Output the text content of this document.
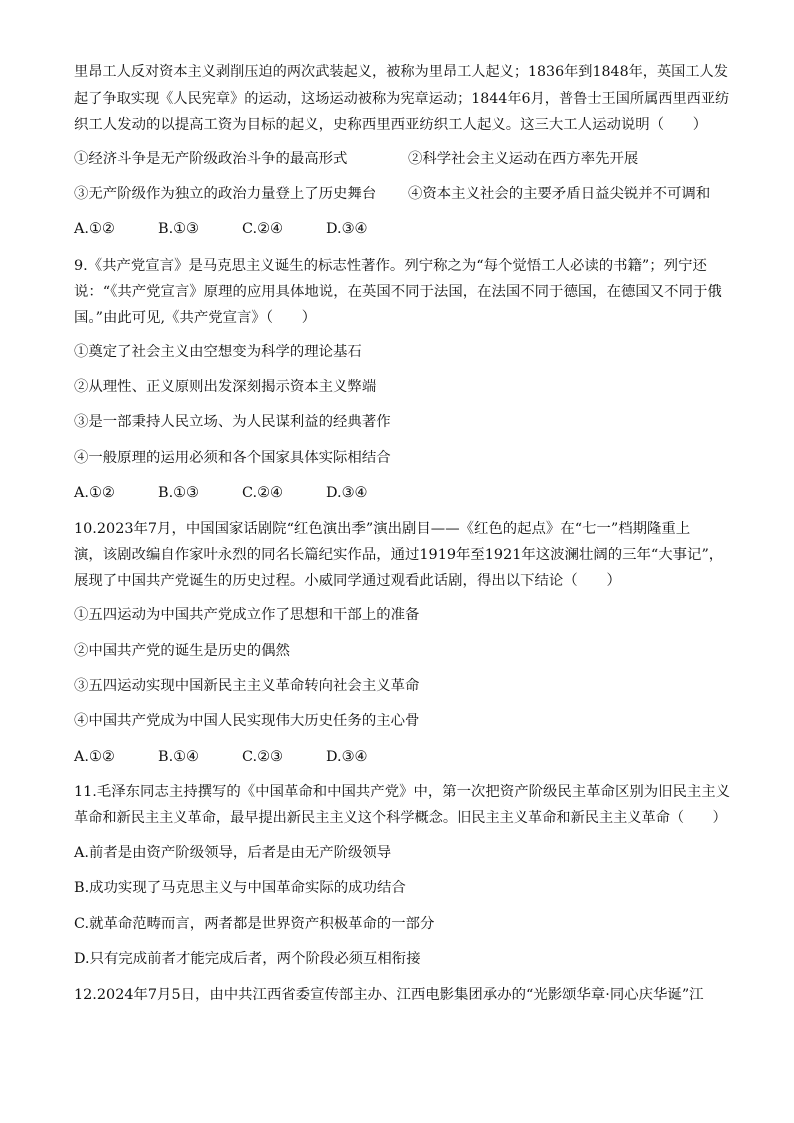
里昂工人反对资本主义剥削压迫的两次武装起义，被称为里昂工人起义；1836年到1848年，英国工人发
起了争取实现《人民宪章》的运动，这场运动被称为宪章运动；1844年6月，普鲁士王国所属西里西亚纺
织工人发动的以提高工资为目标的起义，史称西里西亚纺织工人起义。这三大工人运动说明（　　）
①经济斗争是无产阶级政治斗争的最高形式	②科学社会主义运动在西方率先开展
③无产阶级作为独立的政治力量登上了历史舞台 ④资本主义社会的主要矛盾日益尖锐并不可调和
A.①②	B.①③	C.②④	D.③④
9.《共产党宣言》是马克思主义诞生的标志性著作。列宁称之为“每个觉悟工人必读的书籍”；列宁还
说：“《共产党宣言》原理的应用具体地说，在英国不同于法国，在法国不同于德国，在德国又不同于俄
国。”由此可见,《共产党宣言》（　　）
①奠定了社会主义由空想变为科学的理论基石
②从理性、正义原则出发深刻揭示资本主义弊端
③是一部秉持人民立场、为人民谋利益的经典著作
④一般原理的运用必须和各个国家具体实际相结合
A.①②	B.①③	C.②④	D.③④
10.2023年7月，中国国家话剧院“红色演出季”演出剧目——《红色的起点》在“七一”档期隆重上
演，该剧改编自作家叶永烈的同名长篇纪实作品，通过1919年至1921年这波澜壮阔的三年“大事记”，
展现了中国共产党诞生的历史过程。小威同学通过观看此话剧，得出以下结论（　　）
①五四运动为中国共产党成立作了思想和干部上的准备
②中国共产党的诞生是历史的偶然
③五四运动实现中国新民主主义革命转向社会主义革命
④中国共产党成为中国人民实现伟大历史任务的主心骨
A.①②	B.①④	C.②③	D.③④
11.毛泽东同志主持撰写的《中国革命和中国共产党》中，第一次把资产阶级民主革命区别为旧民主主义
革命和新民主主义革命，最早提出新民主主义这个科学概念。旧民主主义革命和新民主主义革命（　　）
A.前者是由资产阶级领导，后者是由无产阶级领导
B.成功实现了马克思主义与中国革命实际的成功结合
C.就革命范畴而言，两者都是世界资产积极革命的一部分
D.只有完成前者才能完成后者，两个阶段必须互相衔接
12.2024年7月5日，由中共江西省委宣传部主办、江西电影集团承办的“光影颂华章·同心庆华诞”江
